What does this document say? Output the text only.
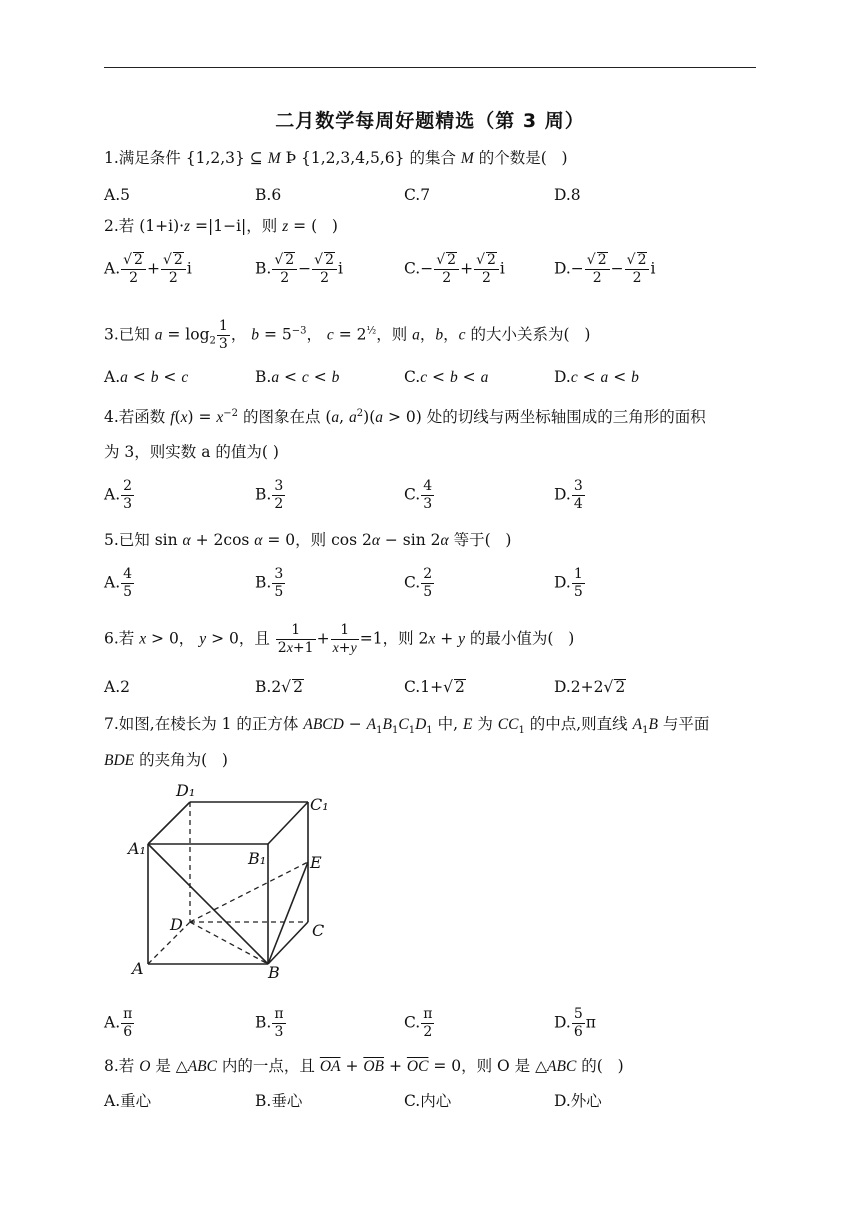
二月数学每周好题精选（第 3 周）
1.满足条件 {1,2,3} ⊆ M Þ {1,2,3,4,5,6} 的集合 M 的个数是(   )
A.5	B.6	C.7	D.8
2.若 (1+i)·z =|1−i|，则 z = (   )
A. $\frac{√ 2}{2} + \frac{√ 2}{2}$ i	B. $\frac{√ 2}{2} - \frac{√ 2}{2}$ i	$C.- \frac{√ 2}{2} + \frac{√ 2}{2}$ i	$D.- \frac{√ 2}{2} - \frac{√ 2}{2}$ i
3.已知 $a = \log_2 \frac{1}{3}$ ， $b = 5^{-3}$， $c = 2^{\frac{1}{2}}$，则 a，b，c 的大小关系为(   )
A.a < b < c	B.a < c < b	C.c < b < a	D.c < a < b
4.若函数 $f(x) = x^{-2}$ 的图象在点 (a, $a^2)(a > 0)$ 处的切线与两坐标轴围成的三角形的面积
为 3，则实数 a 的值为( )
A. $\frac{2}{3}$	B. $\frac{3}{2}$	C. $\frac{4}{3}$	D. $\frac{3}{4}$
5.已知 sin α + 2cos α = 0，则 cos 2α − sin 2α 等于(   )
A. $\frac{4}{5}$	B. $\frac{3}{5}$	C. $\frac{2}{5}$	D. $\frac{1}{5}$
6.若 x > 0， y > 0，且 $\frac{1}{2x+1} + \frac{1}{x+y} =1$，则 2x + y 的最小值为(   )
A.2	B.2√ 2	C.1+√ 2	D.2+2√ 2
7.如图,在棱长为 1 的正方体 ABCD − $A_1B_1C_1D_1$ 中, E 为 $CC_1$ 的中点,则直线 $A_1B$ 与平面
BDE 的夹角为(   )
D₁
C₁
A₁
B₁	E
D	C
A	B
A. $\frac{\pi}{6}$	B. $\frac{\pi}{3}$	C. $\frac{\pi}{2}$	D. $\frac{5}{6}$ π
8.若 O 是 △ABC 内的一点，且 $\overline{OA} + \overline{OB} + \overline{OC} = 0$，则 O 是 △ABC 的(   )
A.重心	B.垂心	C.内心	D.外心
